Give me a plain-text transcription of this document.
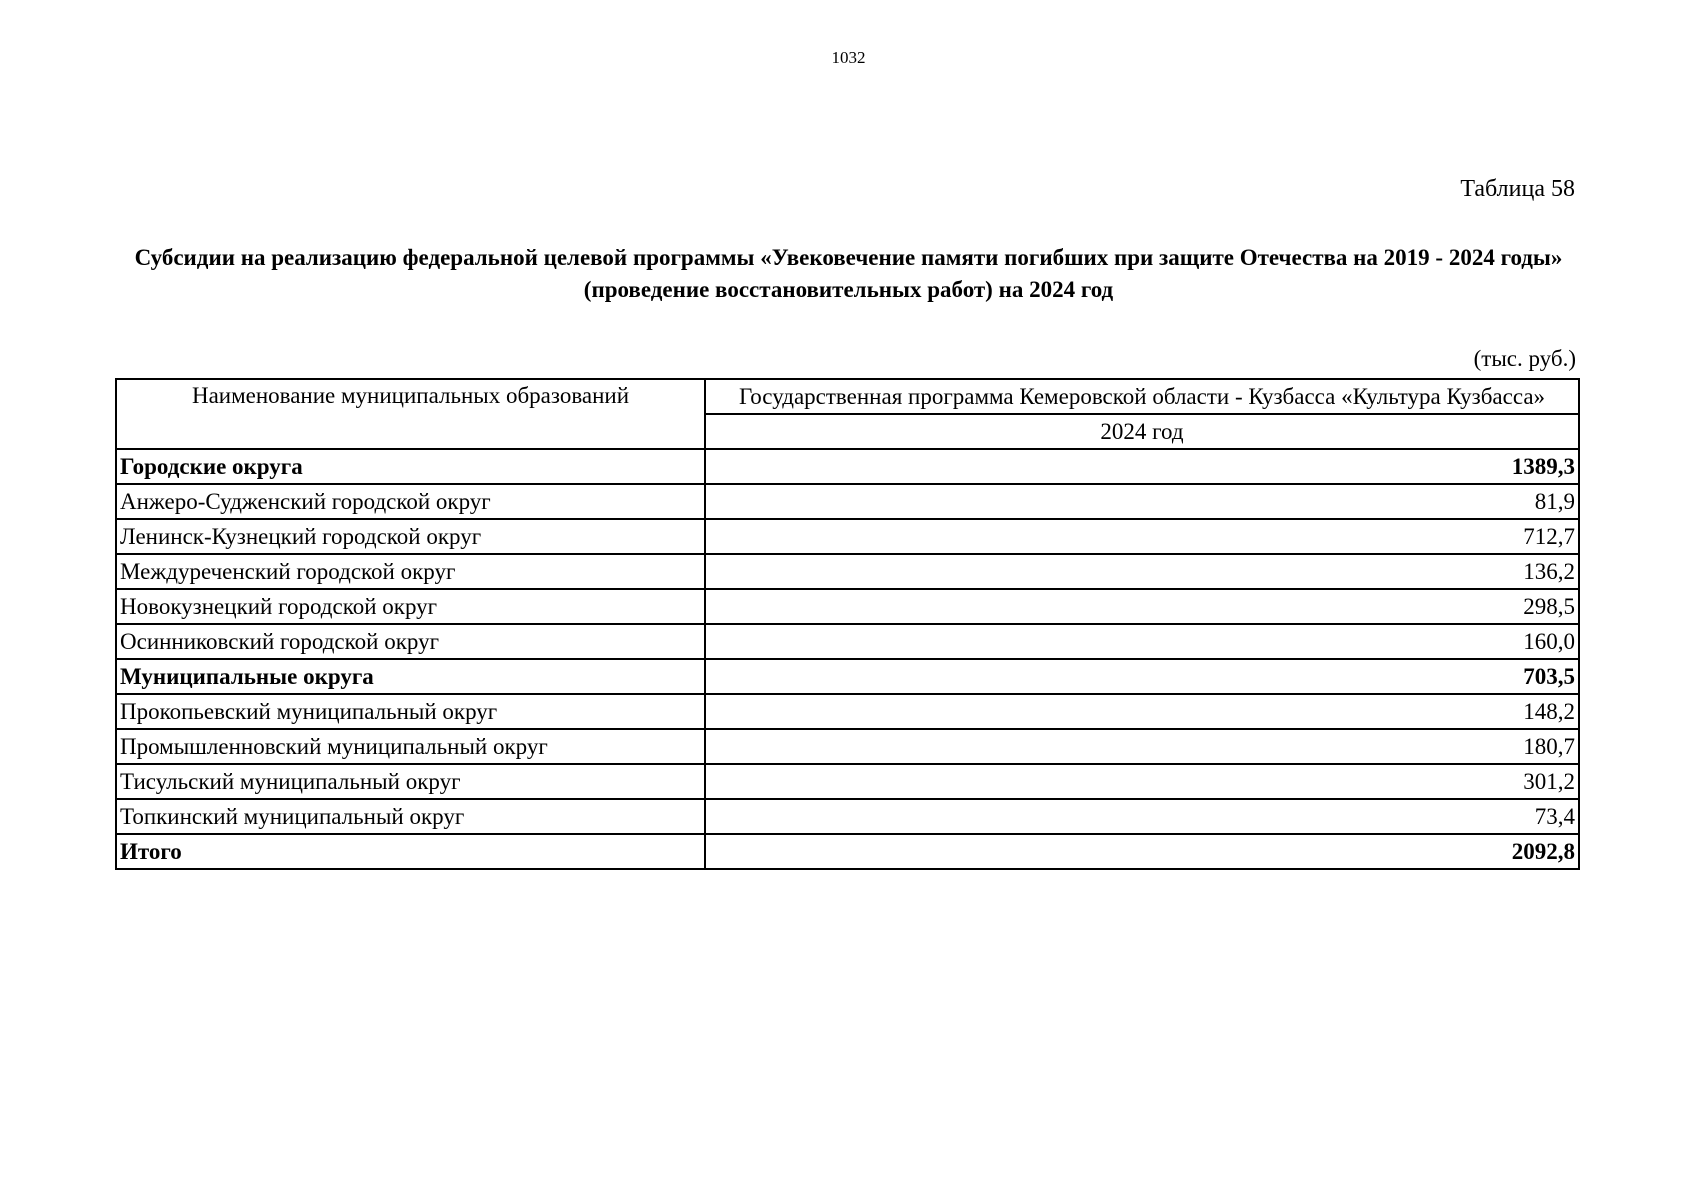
1032
Таблица 58
Субсидии на реализацию федеральной целевой программы «Увековечение памяти погибших при защите Отечества на 2019 - 2024 годы» (проведение восстановительных работ) на 2024 год
(тыс. руб.)
Наименование муниципальных образований	Государственная программа Кемеровской области - Кузбасса «Культура Кузбасса»
	2024 год
Городские округа	1389,3
Анжеро-Судженский городской округ	81,9
Ленинск-Кузнецкий городской округ	712,7
Междуреченский городской округ	136,2
Новокузнецкий городской округ	298,5
Осинниковский городской округ	160,0
Муниципальные округа	703,5
Прокопьевский муниципальный округ	148,2
Промышленновский муниципальный округ	180,7
Тисульский муниципальный округ	301,2
Топкинский муниципальный округ	73,4
Итого	2092,8
